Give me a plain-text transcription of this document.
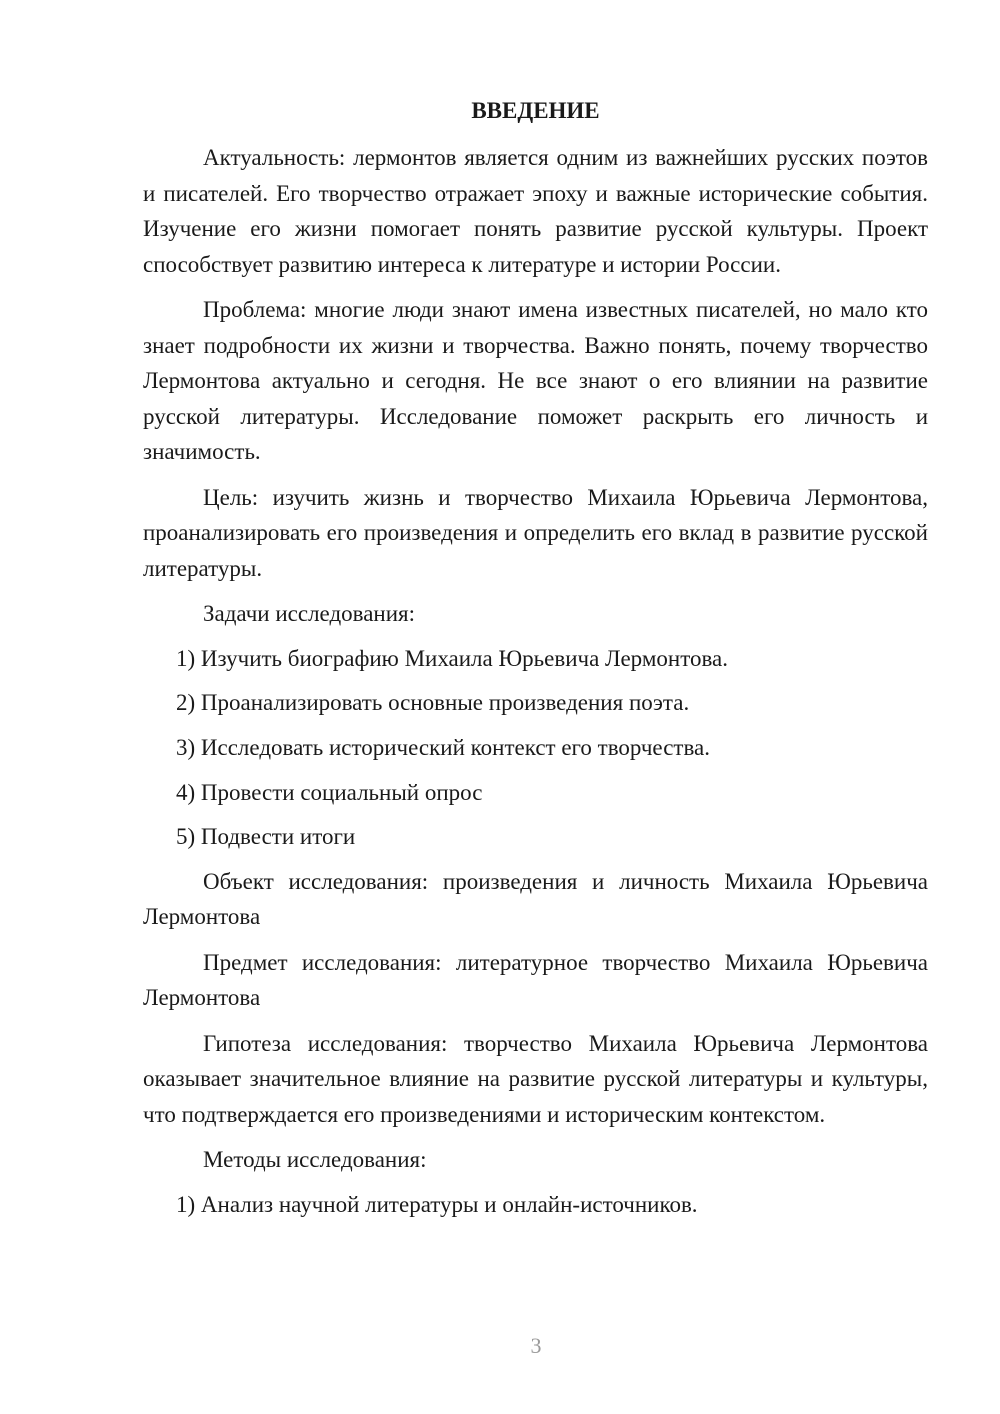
ВВЕДЕНИЕ

Актуальность: лермонтов является одним из важнейших русских поэтов и писателей. Его творчество отражает эпоху и важные исторические события. Изучение его жизни помогает понять развитие русской культуры. Проект способствует развитию интереса к литературе и истории России.

Проблема: многие люди знают имена известных писателей, но мало кто знает подробности их жизни и творчества. Важно понять, почему творчество Лермонтова актуально и сегодня. Не все знают о его влиянии на развитие русской литературы. Исследование поможет раскрыть его личность и значимость.

Цель: изучить жизнь и творчество Михаила Юрьевича Лермонтова, проанализировать его произведения и определить его вклад в развитие русской литературы.

Задачи исследования:

1) Изучить биографию Михаила Юрьевича Лермонтова.
2) Проанализировать основные произведения поэта.
3) Исследовать исторический контекст его творчества.
4) Провести социальный опрос
5) Подвести итоги

Объект исследования: произведения и личность Михаила Юрьевича Лермонтова

Предмет исследования: литературное творчество Михаила Юрьевича Лермонтова

Гипотеза исследования: творчество Михаила Юрьевича Лермонтова оказывает значительное влияние на развитие русской литературы и культуры, что подтверждается его произведениями и историческим контекстом.

Методы исследования:

1) Анализ научной литературы и онлайн-источников.
3
